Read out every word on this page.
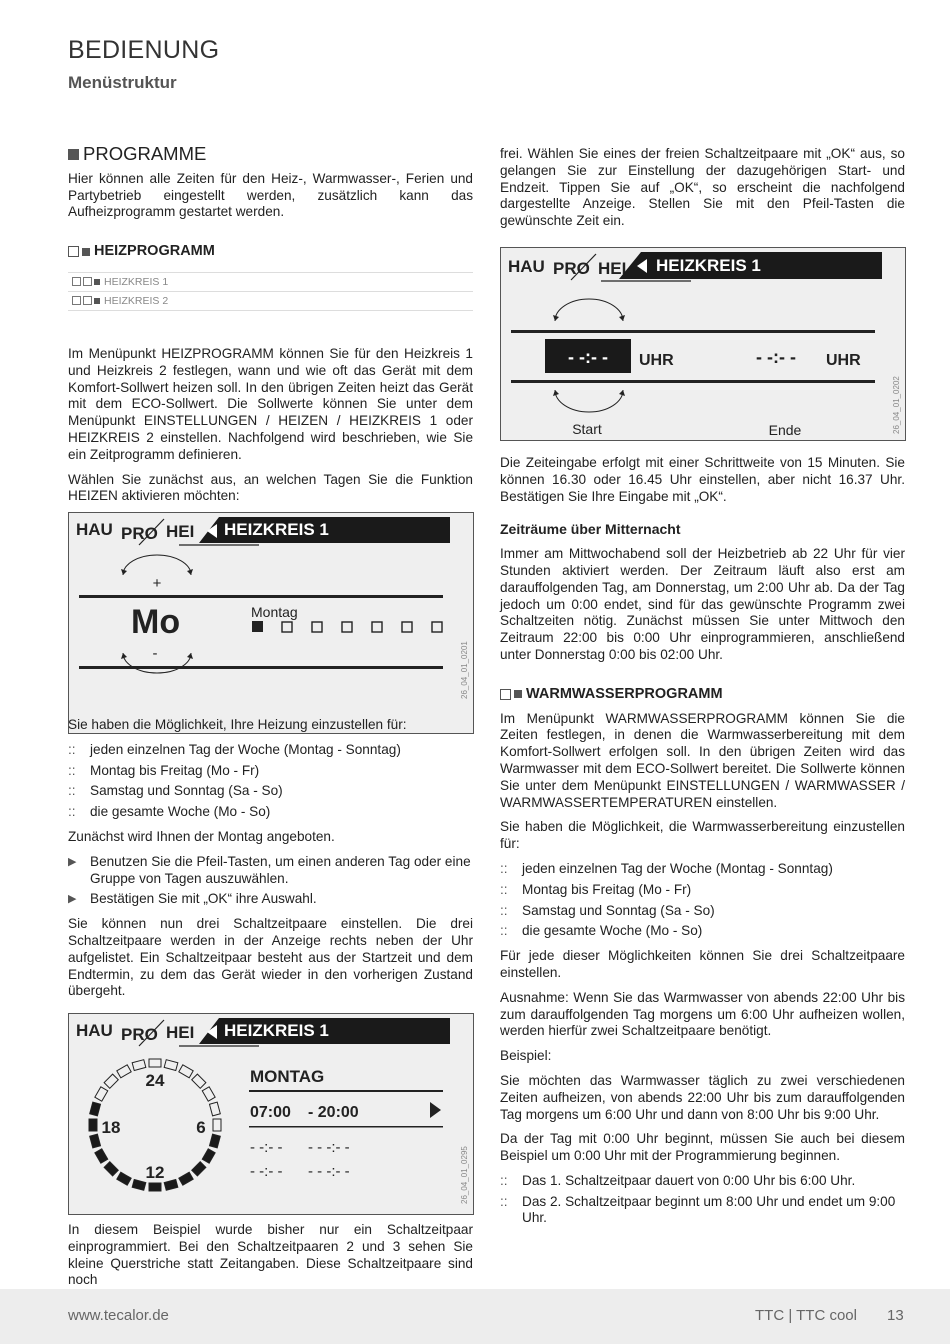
BEDIENUNG
Menüstruktur
PROGRAMME

Hier können alle Zeiten für den Heiz-, Warmwasser-, Ferien und Partybetrieb eingestellt werden, zusätzlich kann das Aufheizprogramm gestartet werden.

HEIZPROGRAMM
HEIZKREIS 1
HEIZKREIS 2

Im Menüpunkt HEIZPROGRAMM können Sie für den Heizkreis 1 und Heizkreis 2 festlegen, wann und wie oft das Gerät mit dem Komfort-Sollwert heizen soll. In den übrigen Zeiten heizt das Gerät mit dem ECO-Sollwert. Die Sollwerte können Sie unter dem Menüpunkt EINSTELLUNGEN / HEIZEN / HEIZKREIS 1 oder HEIZKREIS 2 einstellen. Nachfolgend wird beschrieben, wie Sie ein Zeitprogramm definieren.

Wählen Sie zunächst aus, an welchen Tagen Sie die Funktion HEIZEN aktivieren möchten:

HAU PRO HEI HEIZKREIS 1
+
Mo	Montag
-	26_04_01_0201

Sie haben die Möglichkeit, Ihre Heizung einzustellen für:

:: jeden einzelnen Tag der Woche (Montag - Sonntag)
:: Montag bis Freitag (Mo - Fr)
:: Samstag und Sonntag (Sa - So)
:: die gesamte Woche (Mo - So)

Zunächst wird Ihnen der Montag angeboten.

▶ Benutzen Sie die Pfeil-Tasten, um einen anderen Tag oder eine Gruppe von Tagen auszuwählen.
▶ Bestätigen Sie mit „OK“ ihre Auswahl.

Sie können nun drei Schaltzeitpaare einstellen. Die drei Schaltzeitpaare werden in der Anzeige rechts neben der Uhr aufgelistet. Ein Schaltzeitpaar besteht aus der Startzeit und dem Endtermin, zu dem das Gerät wieder in den vorherigen Zustand übergeht.

HAU PRO HEI HEIZKREIS 1
24
6
12
18
MONTAG
07:00 - 20:00
- -:- - - - -:- -
- -:- - - - -:- -	26_04_01_0295

In diesem Beispiel wurde bisher nur ein Schaltzeitpaar einprogrammiert. Bei den Schaltzeitpaaren 2 und 3 sehen Sie kleine Querstriche statt Zeitangaben. Diese Schaltzeitpaare sind noch

frei. Wählen Sie eines der freien Schaltzeitpaare mit „OK“ aus, so gelangen Sie zur Einstellung der dazugehörigen Start- und Endzeit. Tippen Sie auf „OK“, so erscheint die nachfolgend dargestellte Anzeige. Stellen Sie mit den Pfeil-Tasten die gewünschte Zeit ein.

HAU PRO HEI HEIZKREIS 1
- -:- - UHR	- -:- - UHR
Start	Ende	26_04_01_0202

Die Zeiteingabe erfolgt mit einer Schrittweite von 15 Minuten. Sie können 16.30 oder 16.45 Uhr einstellen, aber nicht 16.37 Uhr. Bestätigen Sie Ihre Eingabe mit „OK“.

Zeiträume über Mitternacht

Immer am Mittwochabend soll der Heizbetrieb ab 22 Uhr für vier Stunden aktiviert werden. Der Zeitraum läuft also erst am darauffolgenden Tag, am Donnerstag, um 2:00 Uhr ab. Da der Tag jedoch um 0:00 endet, sind für das gewünschte Programm zwei Schaltzeiten nötig. Zunächst müssen Sie unter Mittwoch den Zeitraum 22:00 bis 0:00 Uhr einprogrammieren, anschließend unter Donnerstag 0:00 bis 02:00 Uhr.

WARMWASSERPROGRAMM

Im Menüpunkt WARMWASSERPROGRAMM können Sie die Zeiten festlegen, in denen die Warmwasserbereitung mit dem Komfort-Sollwert erfolgen soll. In den übrigen Zeiten wird das Warmwasser mit dem ECO-Sollwert bereitet. Die Sollwerte können Sie unter dem Menüpunkt EINSTELLUNGEN / WARMWASSER / WARMWASSERTEMPERATUREN einstellen.

Sie haben die Möglichkeit, die Warmwasserbereitung einzustellen für:

:: jeden einzelnen Tag der Woche (Montag - Sonntag)
:: Montag bis Freitag (Mo - Fr)
:: Samstag und Sonntag (Sa - So)
:: die gesamte Woche (Mo - So)

Für jede dieser Möglichkeiten können Sie drei Schaltzeitpaare einstellen.

Ausnahme: Wenn Sie das Warmwasser von abends 22:00 Uhr bis zum darauffolgenden Tag morgens um 6:00 Uhr aufheizen wollen, werden hierfür zwei Schaltzeitpaare benötigt.

Beispiel:

Sie möchten das Warmwasser täglich zu zwei verschiedenen Zeiten aufheizen, von abends 22:00 Uhr bis zum darauffolgenden Tag morgens um 6:00 Uhr und dann von 8:00 Uhr bis 9:00 Uhr.

Da der Tag mit 0:00 Uhr beginnt, müssen Sie auch bei diesem Beispiel um 0:00 Uhr mit der Programmierung beginnen.

:: Das 1. Schaltzeitpaar dauert von 0:00 Uhr bis 6:00 Uhr.
:: Das 2. Schaltzeitpaar beginnt um 8:00 Uhr und endet um 9:00 Uhr.
www.tecalor.de	TTC | TTC cool 13
